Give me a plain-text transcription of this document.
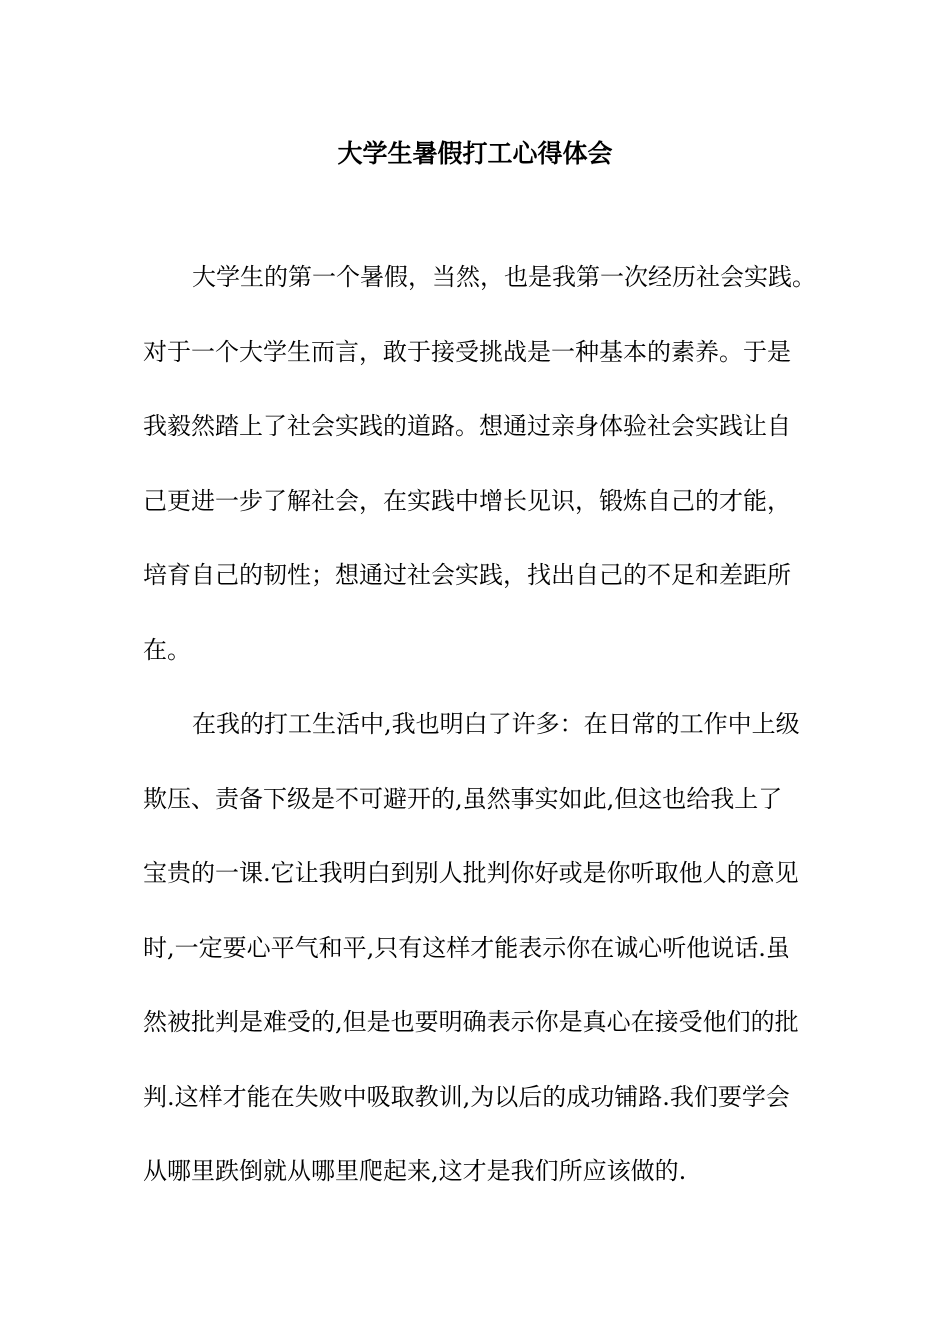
大学生暑假打工心得体会

大学生的第一个暑假，当然，也是我第一次经历社会实践。

对于一个大学生而言，敢于接受挑战是一种基本的素养。于是

我毅然踏上了社会实践的道路。想通过亲身体验社会实践让自

己更进一步了解社会，在实践中增长见识，锻炼自己的才能，

培育自己的韧性；想通过社会实践，找出自己的不足和差距所

在。

在我的打工生活中,我也明白了许多：在日常的工作中上级

欺压、责备下级是不可避开的,虽然事实如此,但这也给我上了

宝贵的一课.它让我明白到别人批判你好或是你听取他人的意见

时,一定要心平气和平,只有这样才能表示你在诚心听他说话.虽

然被批判是难受的,但是也要明确表示你是真心在接受他们的批

判.这样才能在失败中吸取教训,为以后的成功铺路.我们要学会

从哪里跌倒就从哪里爬起来,这才是我们所应该做的.
